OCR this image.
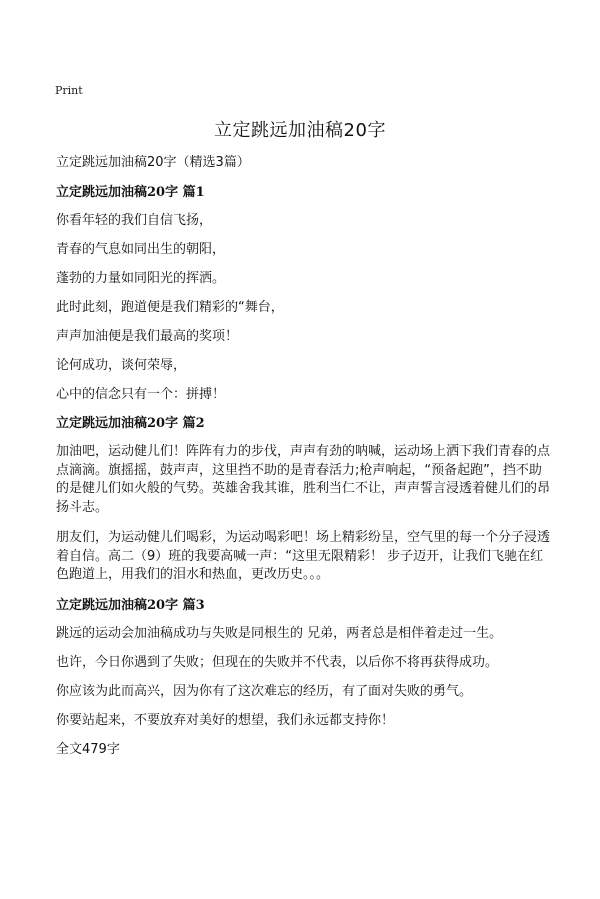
Print
立定跳远加油稿20字
立定跳远加油稿20字（精选3篇）
立定跳远加油稿20字 篇1
你看年轻的我们自信飞扬，
青春的气息如同出生的朝阳，
蓬勃的力量如同阳光的挥洒。
此时此刻，跑道便是我们精彩的“舞台，
声声加油便是我们最高的奖项！
论何成功，谈何荣辱，
心中的信念只有一个：拼搏！
立定跳远加油稿20字 篇2
加油吧，运动健儿们！阵阵有力的步伐，声声有劲的呐喊，运动场上洒下我们青春的点点滴滴。旗摇摇，鼓声声，这里挡不助的是青春活力;枪声响起，“预备起跑”，挡不助的是健儿们如火般的气势。英雄舍我其谁，胜利当仁不让，声声誓言浸透着健儿们的昂扬斗志。
朋友们，为运动健儿们喝彩，为运动喝彩吧！场上精彩纷呈，空气里的每一个分子浸透着自信。高二（9）班的我要高喊一声：“这里无限精彩！ 步子迈开，让我们飞驰在红色跑道上，用我们的泪水和热血，更改历史。。。
立定跳远加油稿20字 篇3
跳远的运动会加油稿成功与失败是同根生的 兄弟，两者总是相伴着走过一生。
也许，今日你遇到了失败；但现在的失败并不代表，以后你不将再获得成功。
你应该为此而高兴，因为你有了这次难忘的经历，有了面对失败的勇气。
你要站起来，不要放弃对美好的想望，我们永远都支持你！
全文479字
